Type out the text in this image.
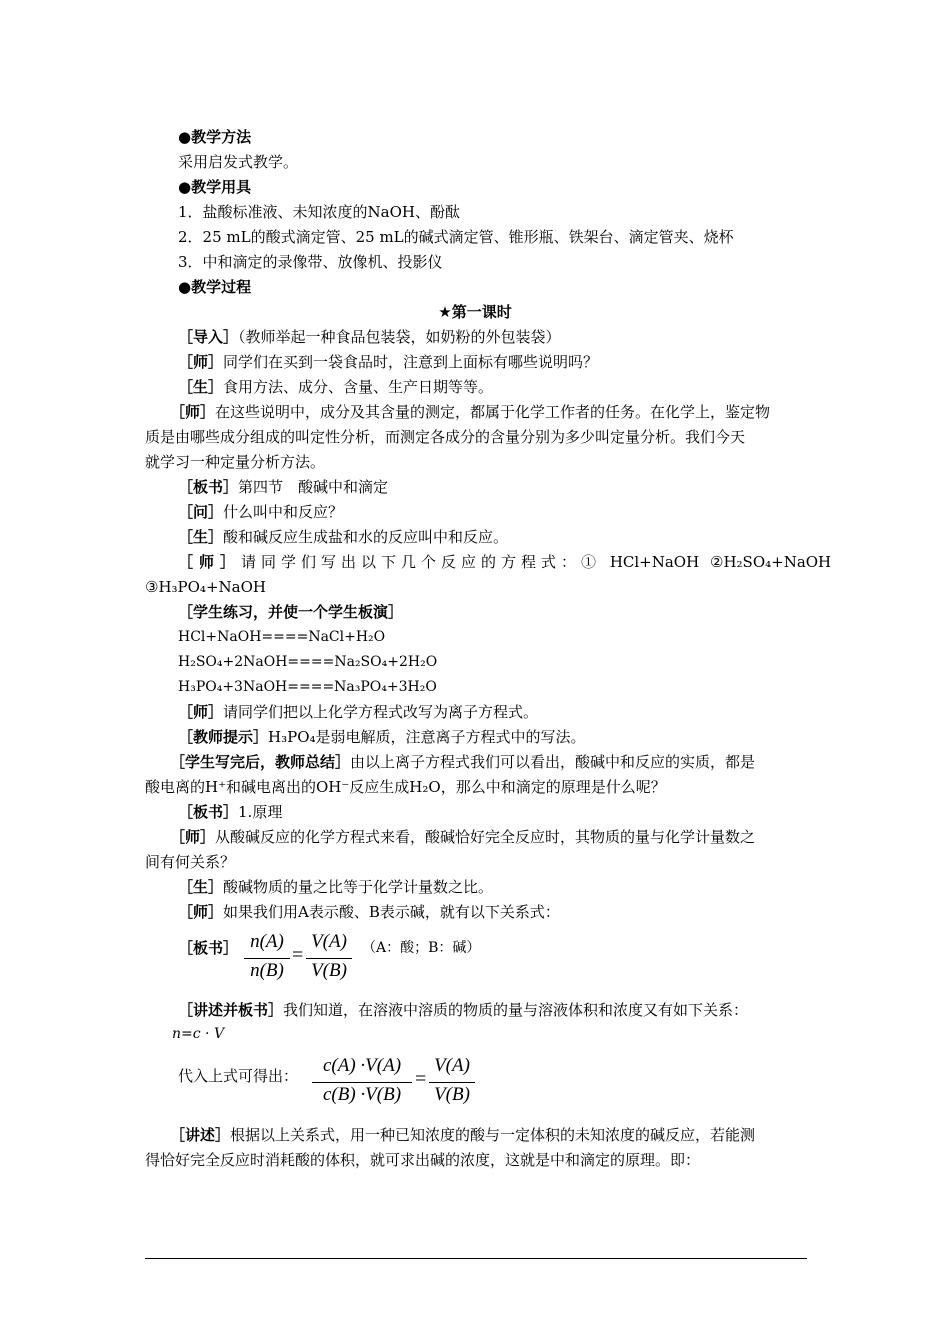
●教学方法
采用启发式教学。
●教学用具
1．盐酸标准液、未知浓度的NaOH、酚酞
2．25 mL的酸式滴定管、25 mL的碱式滴定管、锥形瓶、铁架台、滴定管夹、烧杯
3．中和滴定的录像带、放像机、投影仪
●教学过程
★第一课时
［导入］（教师举起一种食品包装袋，如奶粉的外包装袋）
［师］同学们在买到一袋食品时，注意到上面标有哪些说明吗？
［生］食用方法、成分、含量、生产日期等等。
［师］在这些说明中，成分及其含量的测定，都属于化学工作者的任务。在化学上，鉴定物
质是由哪些成分组成的叫定性分析，而测定各成分的含量分别为多少叫定量分析。我们今天
就学习一种定量分析方法。
［板书］第四节　酸碱中和滴定
［问］什么叫中和反应？
［生］酸和碱反应生成盐和水的反应叫中和反应。
［师］请同学们写出以下几个反应的方程式：① HCl+NaOH ②H₂SO₄+NaOH
③H₃PO₄+NaOH
［学生练习，并使一个学生板演］
HCl+NaOH====NaCl+H₂O
H₂SO₄+2NaOH====Na₂SO₄+2H₂O
H₃PO₄+3NaOH====Na₃PO₄+3H₂O
［师］请同学们把以上化学方程式改写为离子方程式。
［教师提示］H₃PO₄是弱电解质，注意离子方程式中的写法。
［学生写完后，教师总结］由以上离子方程式我们可以看出，酸碱中和反应的实质，都是
酸电离的H⁺和碱电离出的OH⁻反应生成H₂O，那么中和滴定的原理是什么呢？
［板书］1.原理
［师］从酸碱反应的化学方程式来看，酸碱恰好完全反应时，其物质的量与化学计量数之
间有何关系？
［生］酸碱物质的量之比等于化学计量数之比。
［师］如果我们用A表示酸、B表示碱，就有以下关系式：
［板书］ n(A)
n(B)
=
V(A)
V(B)
（A：酸；B：碱）
［讲述并板书］我们知道，在溶液中溶质的物质的量与溶液体积和浓度又有如下关系：
n=c · V
代入上式可得出：	c(A) ·V(A)
c(B) ·V(B)
=
V(A)
V(B)
［讲述］根据以上关系式，用一种已知浓度的酸与一定体积的未知浓度的碱反应，若能测
得恰好完全反应时消耗酸的体积，就可求出碱的浓度，这就是中和滴定的原理。即：
